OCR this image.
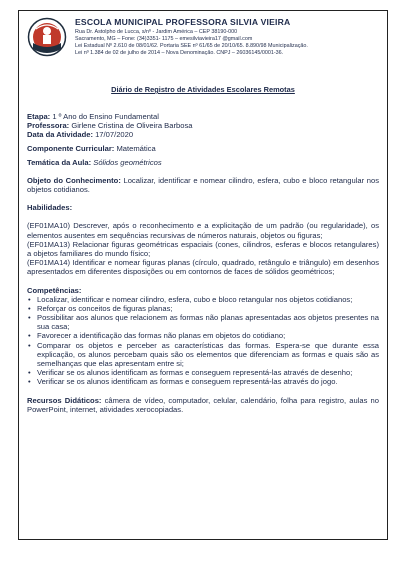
ESCOLA MUNICIPAL PROFESSORA SILVIA VIEIRA
Rua Dr. Astolpho de Lucca, s/nº - Jardim América – CEP 38190-000
Sacramento, MG – Fone: (34)3351- 1175 – emesilviavieira17 @gmail.com
Lei Estadual Nº 2.610 de 08/01/62. Portaria SEE nº 61/65 de 20/10/65. 8.890/98 Municipalização.
Lei nº 1.384 de 02 de julho de 2014 – Nova Denominação. CNPJ – 26036145/0001-36.
Diário de Registro de Atividades Escolares Remotas
Etapa: 1 º Ano do Ensino Fundamental
Professora: Girlene Cristina de Oliveira Barbosa
Data da Atividade: 17/07/2020
Componente Curricular: Matemática
Temática da Aula: Sólidos geométricos
Objeto do Conhecimento: Localizar, identificar e nomear cilindro, esfera, cubo e bloco retangular nos objetos cotidianos.
Habilidades:
(EF01MA10) Descrever, após o reconhecimento e a explicitação de um padrão (ou regularidade), os elementos ausentes em sequências recursivas de números naturais, objetos ou figuras;
(EF01MA13) Relacionar figuras geométricas espaciais (cones, cilindros, esferas e blocos retangulares) a objetos familiares do mundo físico;
(EF01MA14) Identificar e nomear figuras planas (círculo, quadrado, retângulo e triângulo) em desenhos apresentados em diferentes disposições ou em contornos de faces de sólidos geométricos;
Competências:
• Localizar, identificar e nomear cilindro, esfera, cubo e bloco retangular nos objetos cotidianos;
• Reforçar os conceitos de figuras planas;
• Possibilitar aos alunos que relacionem as formas não planas apresentadas aos objetos presentes na sua casa;
• Favorecer a identificação das formas não planas em objetos do cotidiano;
• Comparar os objetos e perceber as características das formas. Espera-se que durante essa explicação, os alunos percebam quais são os elementos que diferenciam as formas e quais são as semelhanças que elas apresentam entre si;
• Verificar se os alunos identificam as formas e conseguem representá-las através de desenho;
• Verificar se os alunos identificam as formas e conseguem representá-las através do jogo.
Recursos Didáticos: câmera de vídeo, computador, celular, calendário, folha para registro, aulas no PowerPoint, internet, atividades xerocopiadas.
